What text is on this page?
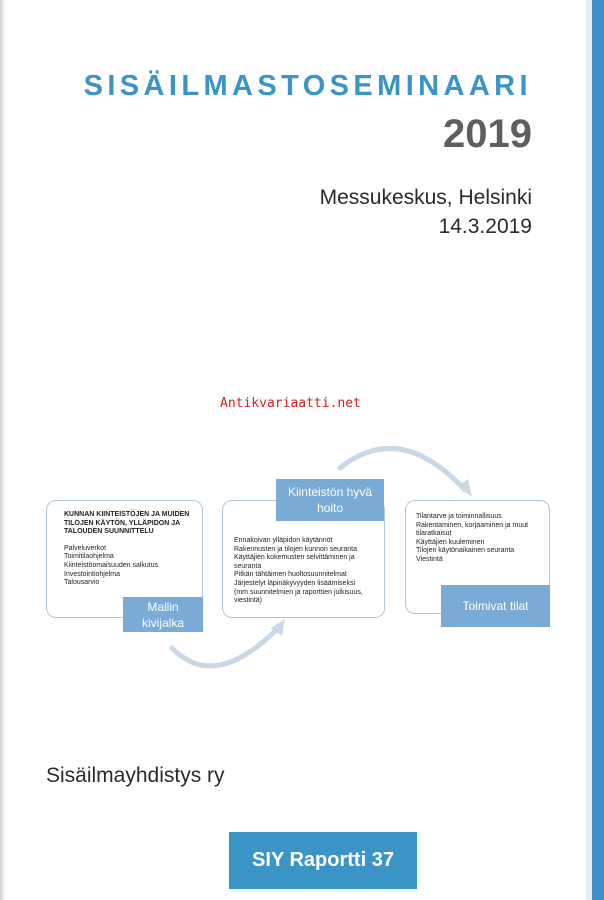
SISÄILMASTOSEMINAARI
2019
Messukeskus, Helsinki
14.3.2019
Antikvariaatti.net
KUNNAN KIINTEISTÖJEN JA MUIDEN
TILOJEN KÄYTÖN, YLLÄPIDON JA
TALOUDEN SUUNNITTELU
Palveluverkot
Toimitilaohjelma
Kiinteistöomaisuuden salkutus
Investointiohjelma
Talousarvio
Mallin kivijalka
Ennakoivan ylläpidon käytännöt
Rakennusten ja tilojen kunnon seuranta
Käyttäjien kokemusten selvittäminen ja
seuranta
Pitkän tähtäimen huoltosuunnitelmat
Järjestelyt läpinäkyvyyden lisäämiseksi
(mm suunnitelmien ja raporttien julkisuus,
viestintä)
Kiinteistön hyvä hoito
Tilantarve ja toiminnallisuus
Rakentaminen, korjaaminen ja muut
tilaratkaisut
Käyttäjien kuuleminen
Tilojen käytönaikainen seuranta
Viestintä
Toimivat tilat
Sisäilmayhdistys ry
SIY Raportti 37
